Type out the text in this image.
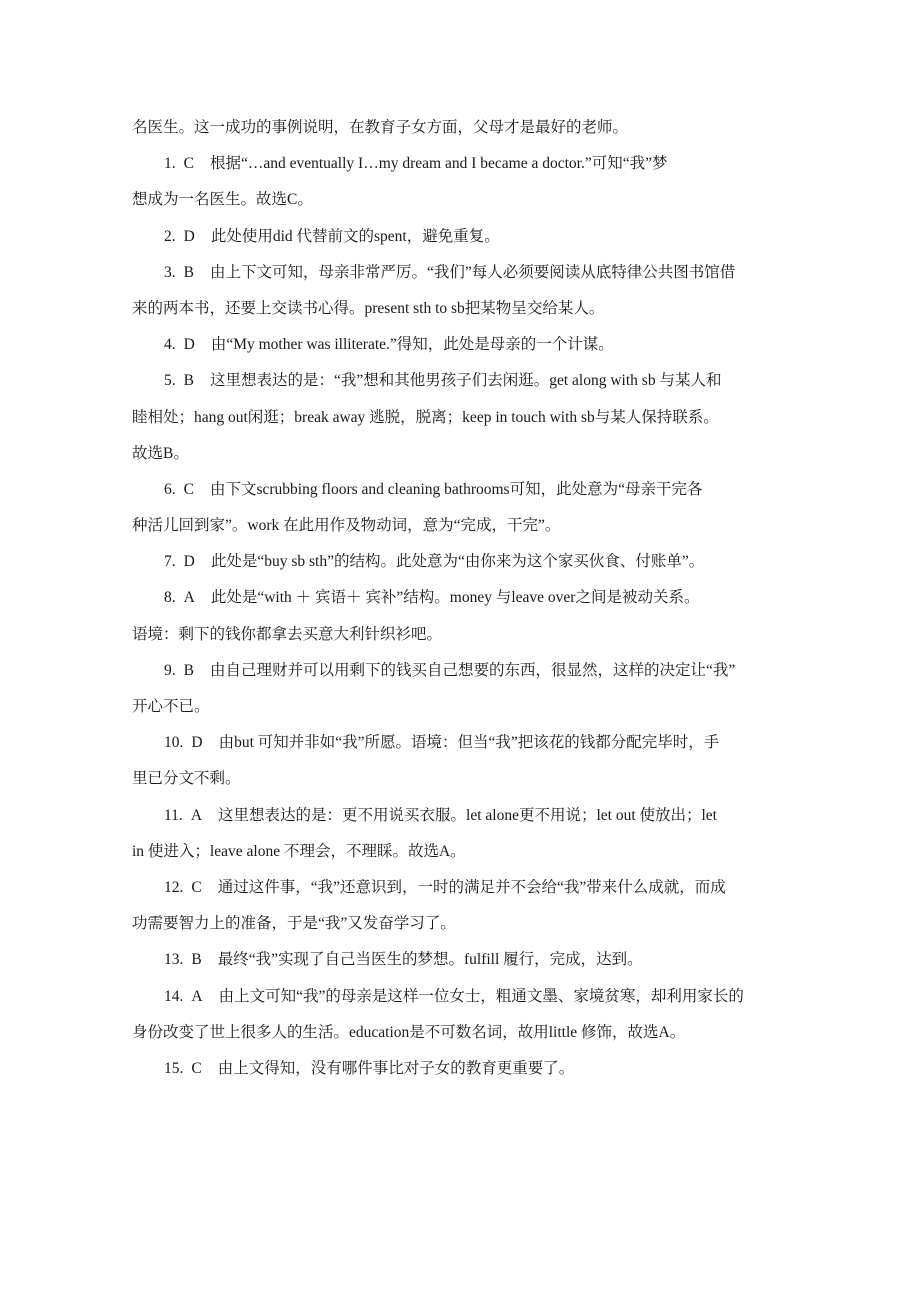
名医生。这一成功的事例说明，在教育子女方面，父母才是最好的老师。
1. C 根据“…and eventually I…my dream and I became a doctor.”可知“我”梦
想成为一名医生。故选C。
2. D 此处使用did 代替前文的spent，避免重复。
3. B 由上下文可知，母亲非常严厉。“我们”每人必须要阅读从底特律公共图书馆借
来的两本书，还要上交读书心得。present sth to sb把某物呈交给某人。
4. D 由“My mother was illiterate.”得知，此处是母亲的一个计谋。
5. B 这里想表达的是：“我”想和其他男孩子们去闲逛。get along with sb 与某人和
睦相处；hang out闲逛；break away 逃脱，脱离；keep in touch with sb与某人保持联系。
故选B。
6. C 由下文scrubbing floors and cleaning bathrooms可知，此处意为“母亲干完各
种活儿回到家”。work 在此用作及物动词，意为“完成，干完”。
7. D 此处是“buy sb sth”的结构。此处意为“由你来为这个家买伙食、付账单”。
8. A 此处是“with ＋ 宾语＋ 宾补”结构。money 与leave over之间是被动关系。
语境：剩下的钱你都拿去买意大利针织衫吧。
9. B 由自己理财并可以用剩下的钱买自己想要的东西，很显然，这样的决定让“我”
开心不已。
10. D 由but 可知并非如“我”所愿。语境：但当“我”把该花的钱都分配完毕时，手
里已分文不剩。
11. A 这里想表达的是：更不用说买衣服。let alone更不用说；let out 使放出；let
in 使进入；leave alone 不理会，不理睬。故选A。
12. C 通过这件事，“我”还意识到，一时的满足并不会给“我”带来什么成就，而成
功需要智力上的准备，于是“我”又发奋学习了。
13. B 最终“我”实现了自己当医生的梦想。fulfill 履行，完成，达到。
14. A 由上文可知“我”的母亲是这样一位女士，粗通文墨、家境贫寒，却利用家长的
身份改变了世上很多人的生活。education是不可数名词，故用little 修饰，故选A。
15. C 由上文得知，没有哪件事比对子女的教育更重要了。
